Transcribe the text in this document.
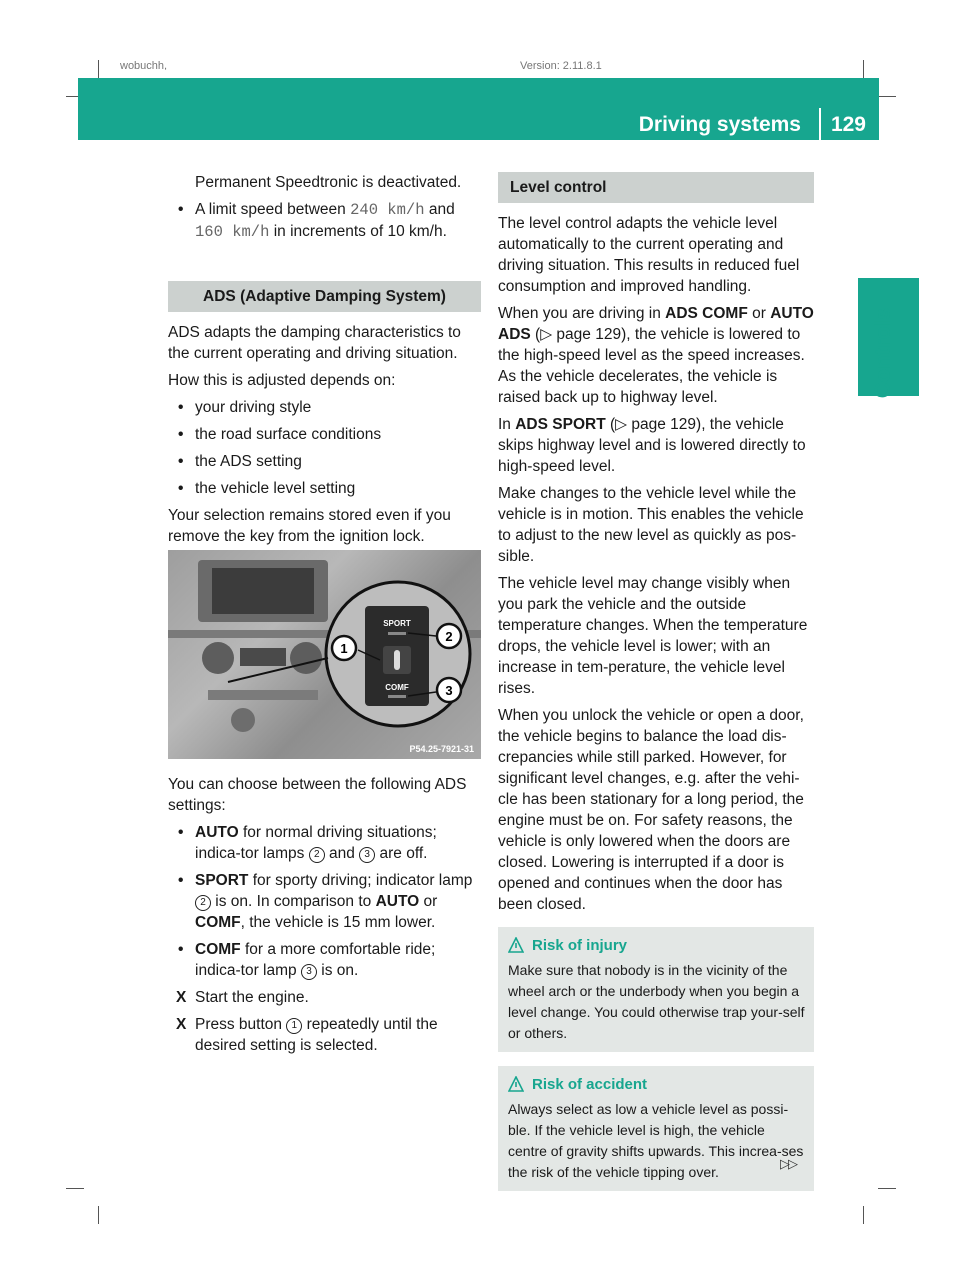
wobuchh,	Version: 2.11.8.1
Driving systems 129
Controls

Permanent Speedtronic is deactivated.

• A limit speed between 240 km/h and 160 km/h in increments of 10 km/h.
ADS (Adaptive Damping System)

ADS adapts the damping characteristics to the current operating and driving situation.

How this is adjusted depends on:

• your driving style
• the road surface conditions
• the ADS setting
• the vehicle level setting

Your selection remains stored even if you remove the key from the ignition lock.

SPORT
COMF
1
2
3
P54.25-7921-31

You can choose between the following ADS settings:

• AUTO for normal driving situations; indica-tor lamps 2 and 3 are off.
• SPORT for sporty driving; indicator lamp 2 is on. In comparison to AUTO or COMF, the vehicle is 15 mm lower.
• COMF for a more comfortable ride; indica-tor lamp 3 is on.
X Start the engine.
X Press button 1 repeatedly until the desired setting is selected.
Level control

The level control adapts the vehicle level automatically to the current operating and driving situation. This results in reduced fuel consumption and improved handling.

When you are driving in ADS COMF or AUTO ADS (▷ page 129), the vehicle is lowered to the high-speed level as the speed increases. As the vehicle decelerates, the vehicle is raised back up to highway level.

In ADS SPORT (▷ page 129), the vehicle skips highway level and is lowered directly to high-speed level.

Make changes to the vehicle level while the vehicle is in motion. This enables the vehicle to adjust to the new level as quickly as pos-sible.

The vehicle level may change visibly when you park the vehicle and the outside temperature changes. When the temperature drops, the vehicle level is lower; with an increase in tem-perature, the vehicle level rises.

When you unlock the vehicle or open a door, the vehicle begins to balance the load dis-crepancies while still parked. However, for significant level changes, e.g. after the vehi-cle has been stationary for a long period, the engine must be on. For safety reasons, the vehicle is only lowered when the doors are closed. Lowering is interrupted if a door is opened and continues when the door has been closed.

Risk of injury
Make sure that nobody is in the vicinity of the wheel arch or the underbody when you begin a level change. You could otherwise trap your-self or others.
Risk of accident
Always select as low a vehicle level as possi-ble. If the vehicle level is high, the vehicle centre of gravity shifts upwards. This increa-ses the risk of the vehicle tipping over.
▷▷
